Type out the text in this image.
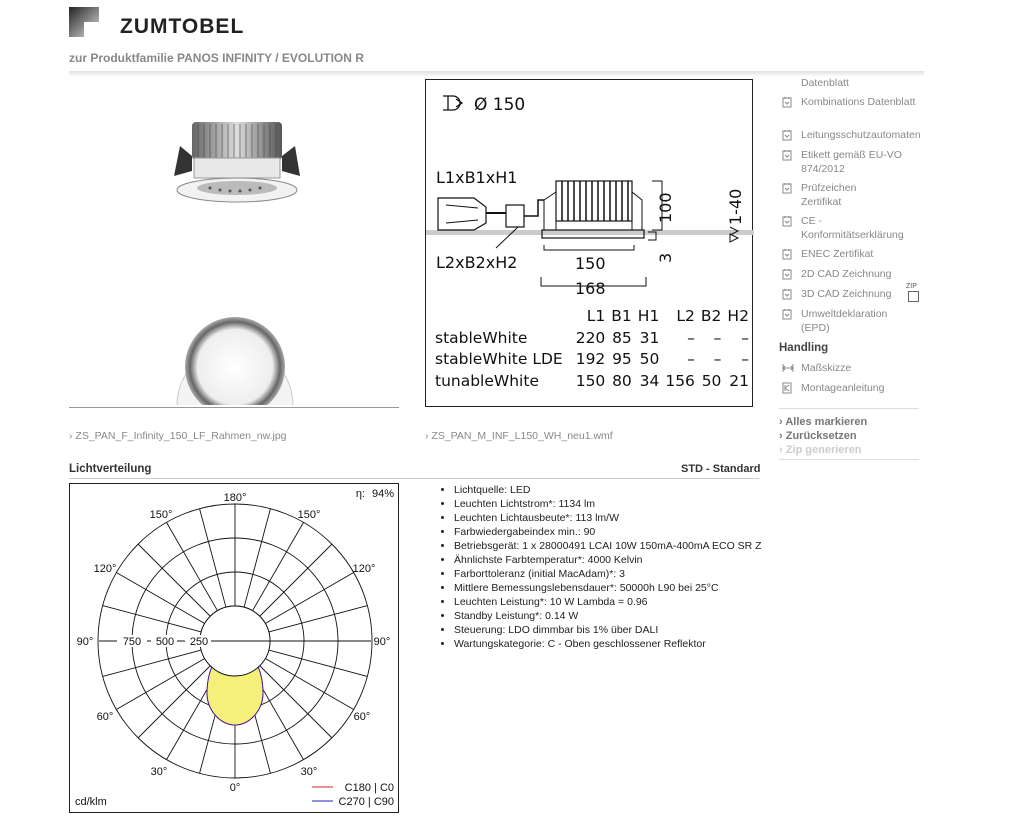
ZUMTOBEL
zur Produktfamilie PANOS INFINITY / EVOLUTION R
› ZS_PAN_F_Infinity_150_LF_Rahmen_nw.jpg	› ZS_PAN_M_INF_L150_WH_neu1.wmf
Ø 150
L1xB1xH1
L2xB2xH2	150
168
100
3
1-40
	L1	B1	H1	L2	B2	H2
stableWhite	220	85	31	–	–	–
stableWhite LDE	192	95	50	–	–	–
tunableWhite	150	80	34	156	50	21
Datenblatt
Kombinations Datenblatt
Leitungsschutzautomaten
Etikett gemäß EU-VO 874/2012
Prüfzeichen Zertifikat
CE - Konformitätserklärung
ENEC Zertifikat
2D CAD Zeichnung
3D CAD Zeichnung
ZIP
Umweltdeklaration (EPD)
Handling
Maßskizze
Montageanleitung
› Alles markieren
› Zurücksetzen
› Zip generieren
Lichtverteilung	STD - Standard
η: 94%
180°
150°	150°
120°	120°
90°	90°
60°	60°
30°	30°
0°
750 500 250
cd/klm
C180 | C0
C270 | C90
• Lichtquelle: LED
• Leuchten Lichtstrom*: 1134 lm
• Leuchten Lichtausbeute*: 113 lm/W
• Farbwiedergabeindex min.: 90
• Betriebsgerät: 1 x 28000491 LCAI 10W 150mA-400mA ECO SR Z
• Ähnlichste Farbtemperatur*: 4000 Kelvin
• Farborttoleranz (initial MacAdam)*: 3
• Mittlere Bemessungslebensdauer*: 50000h L90 bei 25°C
• Leuchten Leistung*: 10 W Lambda = 0.96
• Standby Leistung*: 0.14 W
• Steuerung: LDO dimmbar bis 1% über DALI
• Wartungskategorie: C - Oben geschlossener Reflektor
